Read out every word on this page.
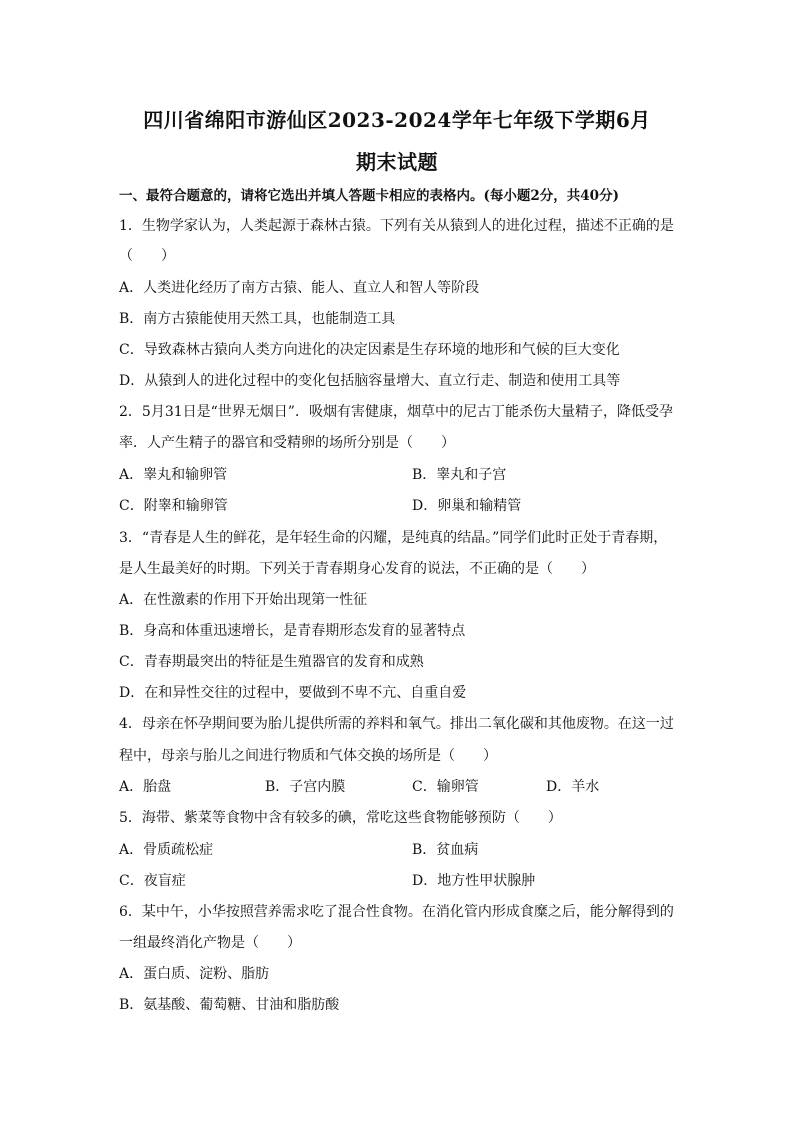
四川省绵阳市游仙区2023-2024学年七年级下学期6月
期末试题
一、最符合题意的，请将它选出并填人答题卡相应的表格内。(每小题2分，共40分)
1．生物学家认为，人类起源于森林古猿。下列有关从猿到人的进化过程，描述不正确的是
（　　）
A．人类进化经历了南方古猿、能人、直立人和智人等阶段
B．南方古猿能使用天然工具，也能制造工具
C．导致森林古猿向人类方向进化的决定因素是生存环境的地形和气候的巨大变化
D．从猿到人的进化过程中的变化包括脑容量增大、直立行走、制造和使用工具等
2．5月31日是“世界无烟日”．吸烟有害健康，烟草中的尼古丁能杀伤大量精子，降低受孕
率．人产生精子的器官和受精卵的场所分别是（　　）
A．睾丸和输卵管	B．睾丸和子宫
C．附睾和输卵管	D．卵巢和输精管
3．“青春是人生的鲜花，是年轻生命的闪耀，是纯真的结晶。”同学们此时正处于青春期，
是人生最美好的时期。下列关于青春期身心发育的说法，不正确的是（　　）
A．在性激素的作用下开始出现第一性征
B．身高和体重迅速增长，是青春期形态发育的显著特点
C．青春期最突出的特征是生殖器官的发育和成熟
D．在和异性交往的过程中，要做到不卑不亢、自重自爱
4．母亲在怀孕期间要为胎儿提供所需的养料和氧气。排出二氧化碳和其他废物。在这一过
程中，母亲与胎儿之间进行物质和气体交换的场所是（　　）
A．胎盘	B．子宫内膜	C．输卵管	D．羊水
5．海带、紫菜等食物中含有较多的碘，常吃这些食物能够预防（　　）
A．骨质疏松症	B．贫血病
C．夜盲症	D．地方性甲状腺肿
6．某中午，小华按照营养需求吃了混合性食物。在消化管内形成食糜之后，能分解得到的
一组最终消化产物是（　　）
A．蛋白质、淀粉、脂肪
B．氨基酸、葡萄糖、甘油和脂肪酸
